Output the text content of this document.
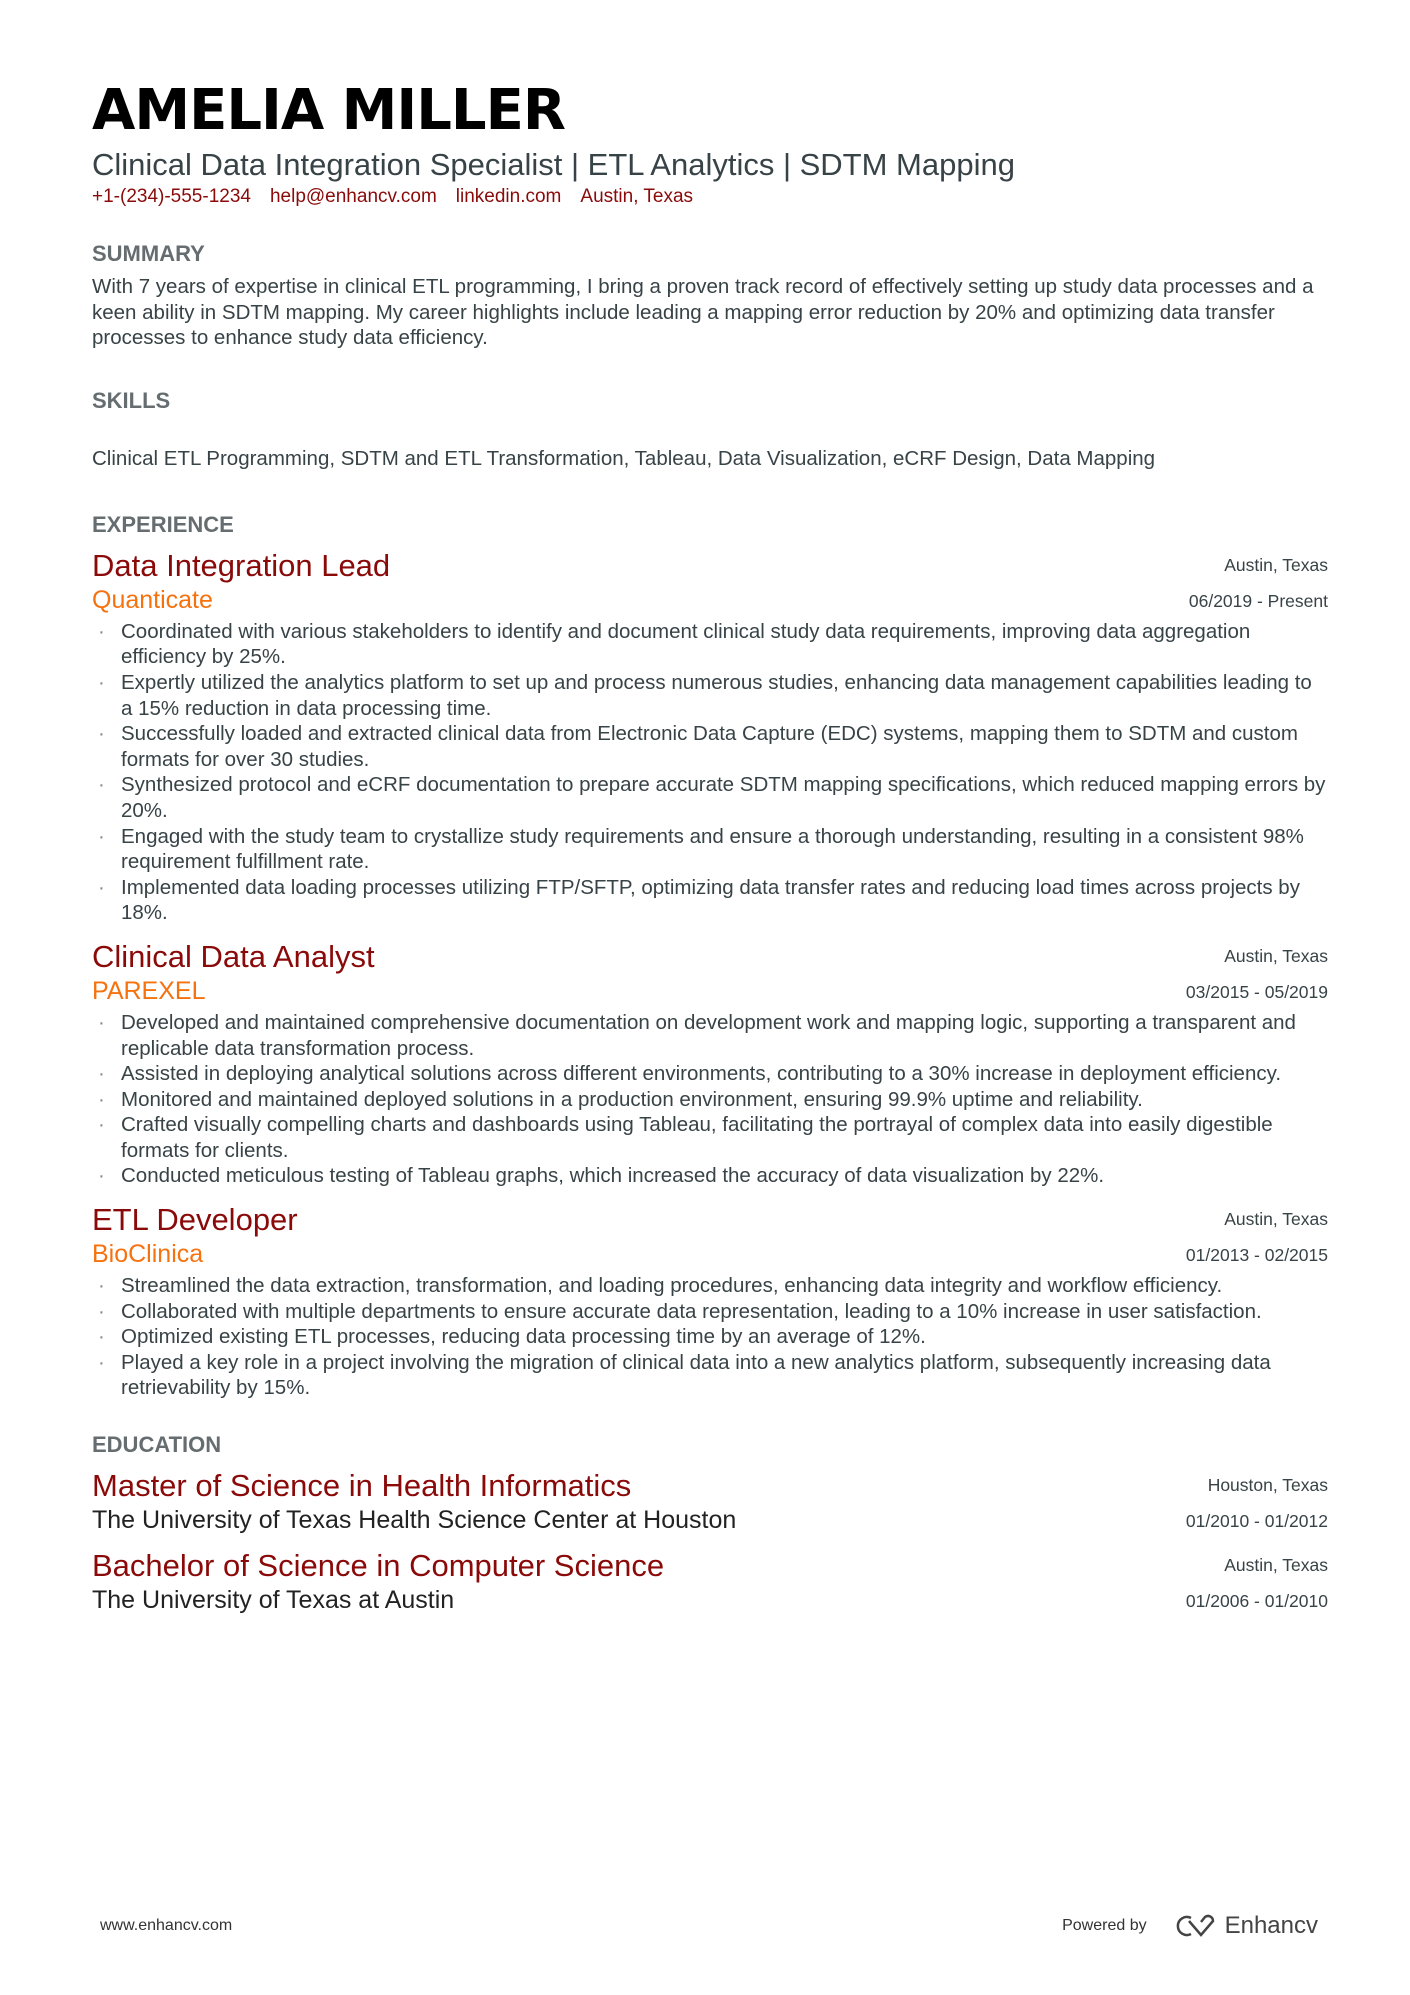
AMELIA MILLER
Clinical Data Integration Specialist | ETL Analytics | SDTM Mapping
+1-(234)-555-1234 help@enhancv.com linkedin.com Austin, Texas
SUMMARY
With 7 years of expertise in clinical ETL programming, I bring a proven track record of effectively setting up study data processes and a keen ability in SDTM mapping. My career highlights include leading a mapping error reduction by 20% and optimizing data transfer processes to enhance study data efficiency.
SKILLS
Clinical ETL Programming, SDTM and ETL Transformation, Tableau, Data Visualization, eCRF Design, Data Mapping
EXPERIENCE
Data Integration Lead
Quanticate
Austin, Texas
06/2019 - Present
· Coordinated with various stakeholders to identify and document clinical study data requirements, improving data aggregation efficiency by 25%.
· Expertly utilized the analytics platform to set up and process numerous studies, enhancing data management capabilities leading to a 15% reduction in data processing time.
· Successfully loaded and extracted clinical data from Electronic Data Capture (EDC) systems, mapping them to SDTM and custom formats for over 30 studies.
· Synthesized protocol and eCRF documentation to prepare accurate SDTM mapping specifications, which reduced mapping errors by 20%.
· Engaged with the study team to crystallize study requirements and ensure a thorough understanding, resulting in a consistent 98% requirement fulfillment rate.
· Implemented data loading processes utilizing FTP/SFTP, optimizing data transfer rates and reducing load times across projects by 18%.
Clinical Data Analyst
PAREXEL
Austin, Texas
03/2015 - 05/2019
· Developed and maintained comprehensive documentation on development work and mapping logic, supporting a transparent and replicable data transformation process.
· Assisted in deploying analytical solutions across different environments, contributing to a 30% increase in deployment efficiency.
· Monitored and maintained deployed solutions in a production environment, ensuring 99.9% uptime and reliability.
· Crafted visually compelling charts and dashboards using Tableau, facilitating the portrayal of complex data into easily digestible formats for clients.
· Conducted meticulous testing of Tableau graphs, which increased the accuracy of data visualization by 22%.
ETL Developer
BioClinica
Austin, Texas
01/2013 - 02/2015
· Streamlined the data extraction, transformation, and loading procedures, enhancing data integrity and workflow efficiency.
· Collaborated with multiple departments to ensure accurate data representation, leading to a 10% increase in user satisfaction.
· Optimized existing ETL processes, reducing data processing time by an average of 12%.
· Played a key role in a project involving the migration of clinical data into a new analytics platform, subsequently increasing data retrievability by 15%.
EDUCATION
Master of Science in Health Informatics
The University of Texas Health Science Center at Houston
Houston, Texas
01/2010 - 01/2012
Bachelor of Science in Computer Science
The University of Texas at Austin
Austin, Texas
01/2006 - 01/2010
www.enhancv.com	Powered by	Enhancv
